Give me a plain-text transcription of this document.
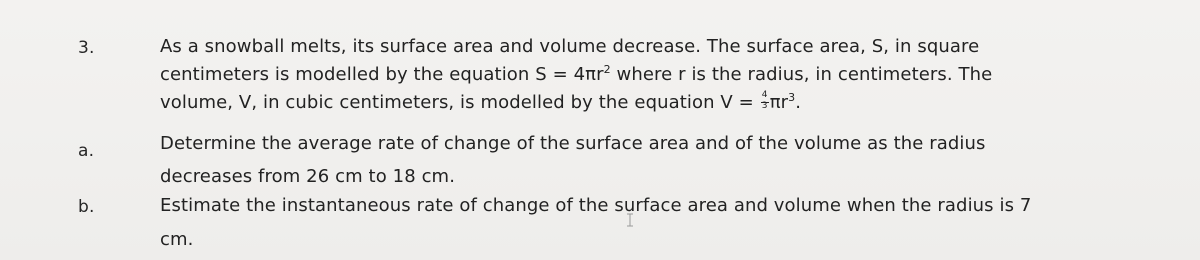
3.	As a snowball melts, its surface area and volume decrease. The surface area, S, in square
centimeters is modelled by the equation $S = 4\pi r^2$ where r is the radius, in centimeters. The
volume, V, in cubic centimeters, is modelled by the equation $V = \frac{4}{3} \pi r^3$.
a.	Determine the average rate of change of the surface area and of the volume as the radius
decreases from 26 cm to 18 cm.
b.	Estimate the instantaneous rate of change of the surface area and volume when the radius is 7
cm.
